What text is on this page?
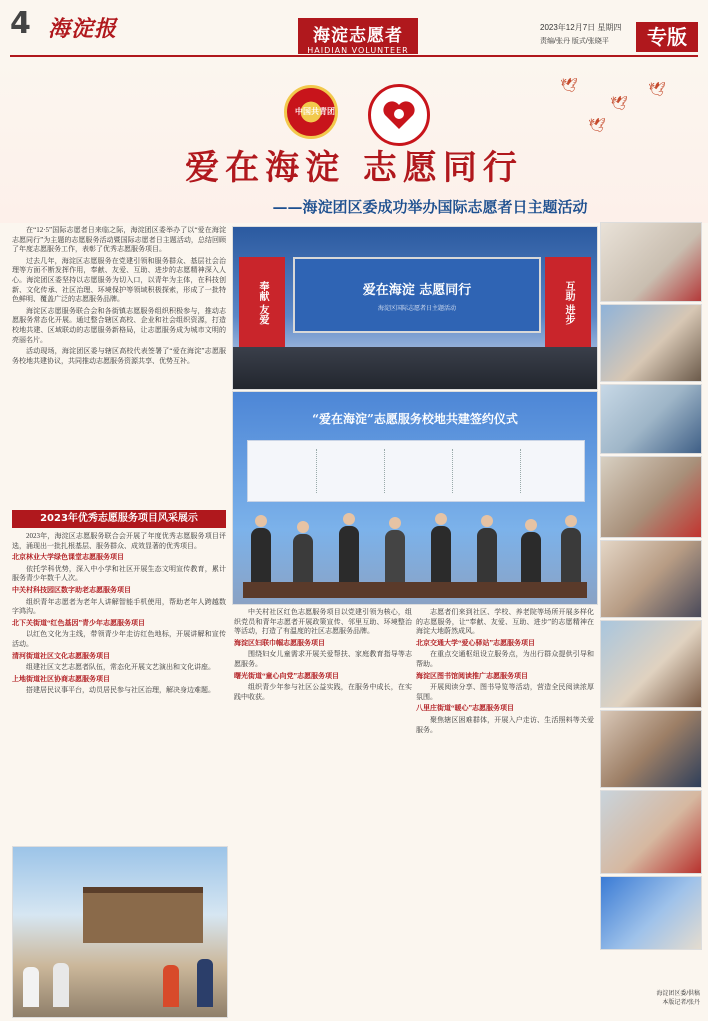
4 海淀报	海淀志愿者
HAIDIAN VOLUNTEER
2023年12月7日 星期四
责编/张丹 版式/张晓平	专版
🕊
🕊
🕊
🕊
中国共青团
爱在海淀 志愿同行
——海淀团区委成功举办国际志愿者日主题活动

在“12·5”国际志愿者日来临之际，海淀团区委举办了以“爱在海淀 志愿同行”为主题的志愿服务活动暨国际志愿者日主题活动，总结回顾了年度志愿服务工作，表彰了优秀志愿服务项目。

过去几年，海淀区志愿服务在党建引领和服务群众、基层社会治理等方面不断发挥作用，奉献、友爱、互助、进步的志愿精神深入人心。海淀团区委坚持以志愿服务为切入口，以青年为主体，在科技创新、文化传承、社区治理、环境保护等领域积极探索，形成了一批特色鲜明、覆盖广泛的志愿服务品牌。

海淀区志愿服务联合会和各街镇志愿服务组织积极参与，推动志愿服务常态化开展。通过整合辖区高校、企业和社会组织资源，打造校地共建、区域联动的志愿服务新格局，让志愿服务成为城市文明的亮丽名片。

活动现场，海淀团区委与辖区高校代表签署了“爱在海淀”志愿服务校地共建协议，共同推动志愿服务资源共享、优势互补。

2023年优秀志愿服务项目风采展示

2023年，海淀区志愿服务联合会开展了年度优秀志愿服务项目评选，涌现出一批扎根基层、服务群众、成效显著的优秀项目。

北京林业大学绿色课堂志愿服务项目

依托学科优势，深入中小学和社区开展生态文明宣传教育，累计服务青少年数千人次。

中关村科技园区数字助老志愿服务项目

组织青年志愿者为老年人讲解智能手机使用，帮助老年人跨越数字鸿沟。

北下关街道“红色基因”青少年志愿服务项目

以红色文化为主线，带领青少年走访红色地标，开展讲解和宣传活动。

清河街道社区文化志愿服务项目

组建社区文艺志愿者队伍，常态化开展文艺演出和文化讲座。

上地街道社区协商志愿服务项目

搭建居民议事平台，动员居民参与社区治理，解决身边难题。

奉献 友爱	互助 进步
爱在海淀 志愿同行
海淀区国际志愿者日主题活动
“爱在海淀”志愿服务校地共建签约仪式

中关村社区红色志愿服务项目以党建引领为核心，组织党员和青年志愿者开展政策宣传、邻里互助、环境整治等活动，打造了有温度的社区志愿服务品牌。

海淀区妇联巾帼志愿服务项目

围绕妇女儿童需求开展关爱帮扶、家庭教育指导等志愿服务。

曙光街道“童心向党”志愿服务项目

组织青少年参与社区公益实践，在服务中成长，在实践中收获。

志愿者们来到社区、学校、养老院等场所开展多样化的志愿服务，让“奉献、友爱、互助、进步”的志愿精神在海淀大地蔚然成风。

北京交通大学“爱心驿站”志愿服务项目

在重点交通枢纽设立服务点，为出行群众提供引导和帮助。

海淀区图书馆阅读推广志愿服务项目

开展阅读分享、图书导览等活动，营造全民阅读浓厚氛围。

八里庄街道“暖心”志愿服务项目

聚焦辖区困难群体，开展入户走访、生活照料等关爱服务。

海淀团区委/供稿
本版记者/张丹
